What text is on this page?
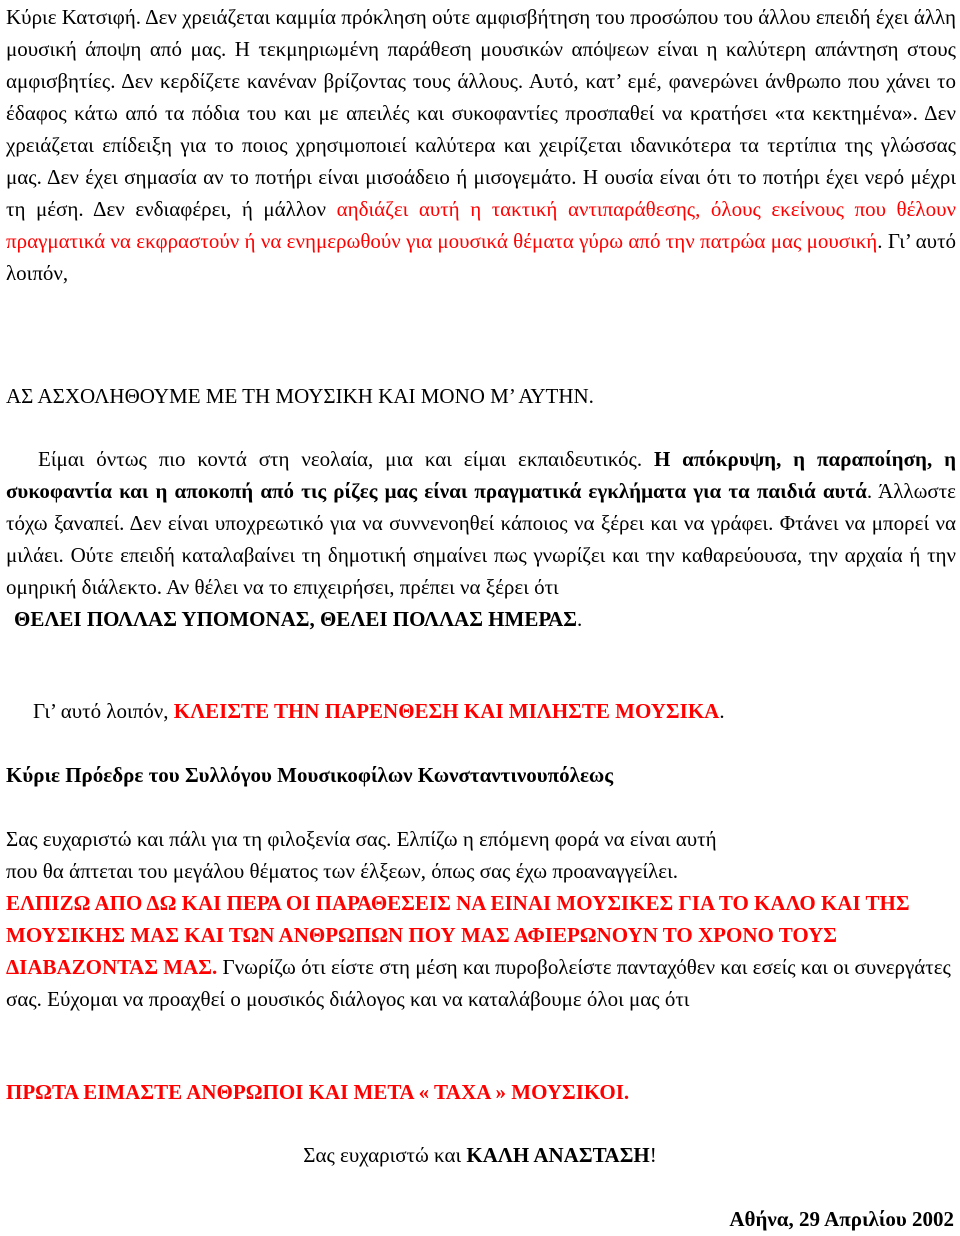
Κύριε Κατσιφή. Δεν χρειάζεται καμμία πρόκληση ούτε αμφισβήτηση του προσώπου του άλλου επειδή έχει άλλη μουσική άποψη από μας. Η τεκμηριωμένη παράθεση μουσικών απόψεων είναι η καλύτερη απάντηση στους αμφισβητίες. Δεν κερδίζετε κανέναν βρίζοντας τους άλλους. Αυτό, κατ’ εμέ, φανερώνει άνθρωπο που χάνει το έδαφος κάτω από τα πόδια του και με απειλές και συκοφαντίες προσπαθεί να κρατήσει «τα κεκτημένα». Δεν χρειάζεται επίδειξη για το ποιος χρησιμοποιεί καλύτερα και χειρίζεται ιδανικότερα τα τερτίπια της γλώσσας μας. Δεν έχει σημασία αν το ποτήρι είναι μισοάδειο ή μισογεμάτο. Η ουσία είναι ότι το ποτήρι έχει νερό μέχρι τη μέση. Δεν ενδιαφέρει, ή μάλλον αηδιάζει αυτή η τακτική αντιπαράθεσης, όλους εκείνους που θέλουν πραγματικά να εκφραστούν ή να ενημερωθούν για μουσικά θέματα γύρω από την πατρώα μας μουσική. Γι’ αυτό λοιπόν,

ΑΣ ΑΣΧΟΛΗΘΟΥΜΕ ΜΕ ΤΗ ΜΟΥΣΙΚΗ ΚΑΙ ΜΟΝΟ Μ’ ΑΥΤΗΝ.

Είμαι όντως πιο κοντά στη νεολαία, μια και είμαι εκπαιδευτικός. Η απόκρυψη, η παραποίηση, η συκοφαντία και η αποκοπή από τις ρίζες μας είναι πραγματικά εγκλήματα για τα παιδιά αυτά. Άλλωστε τόχω ξαναπεί. Δεν είναι υποχρεωτικό για να συννενοηθεί κάποιος να ξέρει και να γράφει. Φτάνει να μπορεί να μιλάει. Ούτε επειδή καταλαβαίνει τη δημοτική σημαίνει πως γνωρίζει και την καθαρεύουσα, την αρχαία ή την ομηρική διάλεκτο. Αν θέλει να το επιχειρήσει, πρέπει να ξέρει ότι
ΘΕΛΕΙ ΠΟΛΛΑΣ ΥΠΟΜΟΝΑΣ, ΘΕΛΕΙ ΠΟΛΛΑΣ ΗΜΕΡΑΣ.

Γι’ αυτό λοιπόν, ΚΛΕΙΣΤΕ ΤΗΝ ΠΑΡΕΝΘΕΣΗ ΚΑΙ ΜΙΛΗΣΤΕ ΜΟΥΣΙΚΑ.

Κύριε Πρόεδρε του Συλλόγου Μουσικοφίλων Κωνσταντινουπόλεως

Σας ευχαριστώ και πάλι για τη φιλοξενία σας. Ελπίζω η επόμενη φορά να είναι αυτή
που θα άπτεται του μεγάλου θέματος των έλξεων, όπως σας έχω προαναγγείλει.
ΕΛΠΙΖΩ ΑΠΟ ΔΩ ΚΑΙ ΠΕΡΑ ΟΙ ΠΑΡΑΘΕΣΕΙΣ ΝΑ ΕΙΝΑΙ ΜΟΥΣΙΚΕΣ ΓΙΑ ΤΟ ΚΑΛΟ ΚΑΙ ΤΗΣ ΜΟΥΣΙΚΗΣ ΜΑΣ ΚΑΙ ΤΩΝ ΑΝΘΡΩΠΩΝ ΠΟΥ ΜΑΣ ΑΦΙΕΡΩΝΟΥΝ ΤΟ ΧΡΟΝΟ ΤΟΥΣ ΔΙΑΒΑΖΟΝΤΑΣ ΜΑΣ. Γνωρίζω ότι είστε στη μέση και πυροβολείστε πανταχόθεν και εσείς και οι συνεργάτες σας. Εύχομαι να προαχθεί ο μουσικός διάλογος και να καταλάβουμε όλοι μας ότι

ΠΡΩΤΑ ΕΙΜΑΣΤΕ ΑΝΘΡΩΠΟΙ ΚΑΙ ΜΕΤΑ « ΤΑΧΑ » ΜΟΥΣΙΚΟΙ.

Σας ευχαριστώ και ΚΑΛΗ ΑΝΑΣΤΑΣΗ!

Αθήνα, 29 Απριλίου 2002
